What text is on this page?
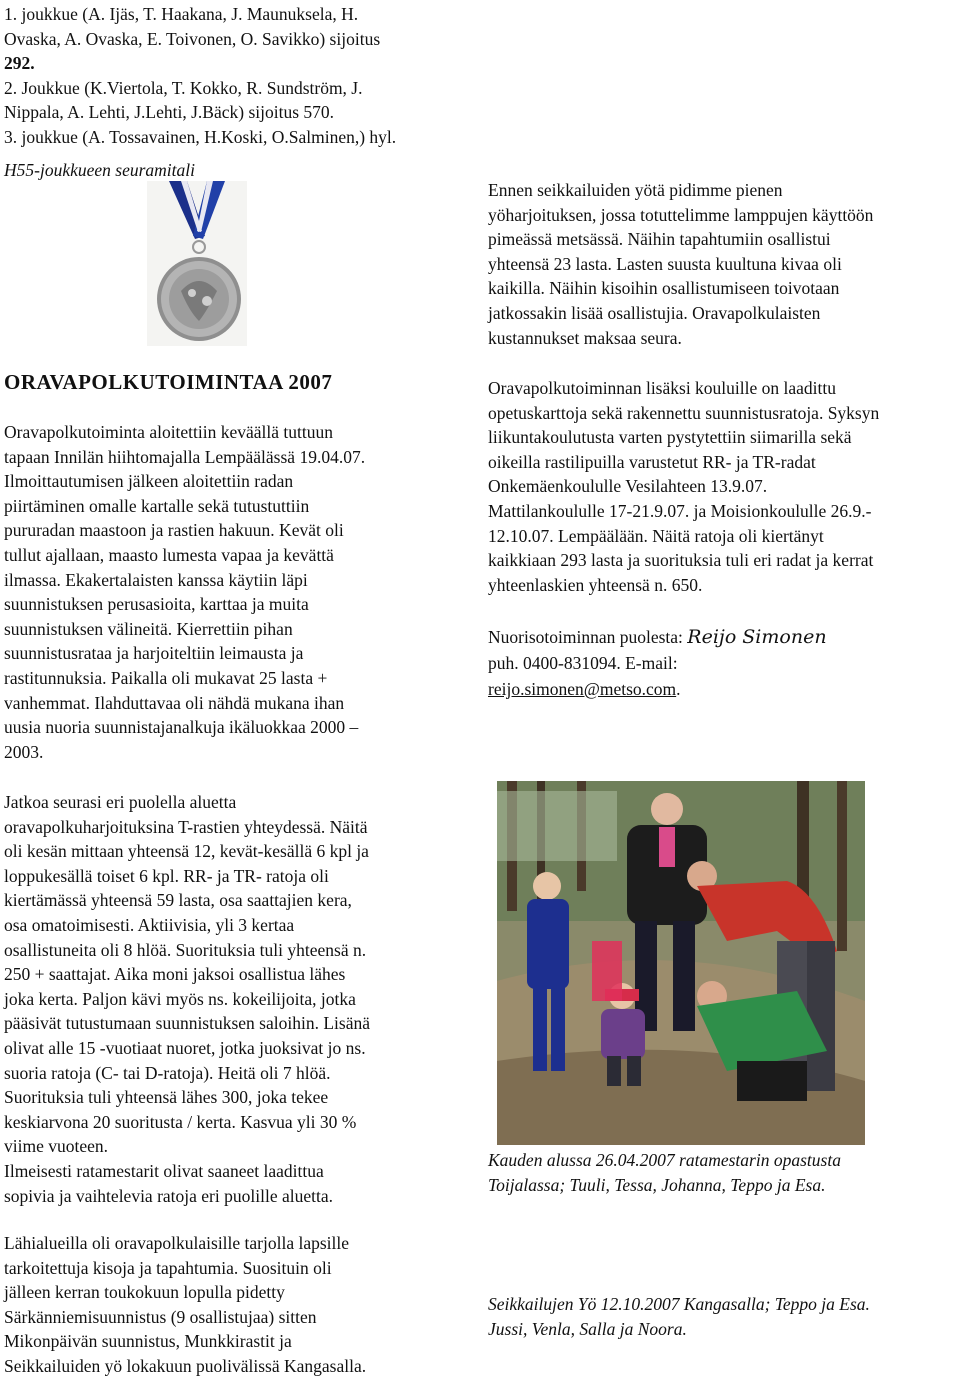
1. joukkue (A. Ijäs, T. Haakana, J. Maunuksela, H.

Ovaska, A. Ovaska, E. Toivonen, O. Savikko) sijoitus

292.

2. Joukkue (K.Viertola, T. Kokko, R. Sundström, J.

Nippala, A. Lehti, J.Lehti, J.Bäck) sijoitus 570.

3. joukkue (A. Tossavainen, H.Koski, O.Salminen,) hyl.

H55-joukkueen seuramitali
ORAVAPOLKUTOIMINTAA 2007

Oravapolkutoiminta aloitettiin keväällä tuttuun

tapaan Innilän hiihtomajalla Lempäälässä 19.04.07.

Ilmoittautumisen jälkeen aloitettiin radan

piirtäminen omalle kartalle sekä tutustuttiin

pururadan maastoon ja rastien hakuun. Kevät oli

tullut ajallaan, maasto lumesta vapaa ja kevättä

ilmassa. Ekakertalaisten kanssa käytiin läpi

suunnistuksen perusasioita, karttaa ja muita

suunnistuksen välineitä. Kierrettiin pihan

suunnistusrataa ja harjoiteltiin leimausta ja

rastitunnuksia. Paikalla oli mukavat 25 lasta +

vanhemmat. Ilahduttavaa oli nähdä mukana ihan

uusia nuoria suunnistajanalkuja ikäluokkaa 2000 –

2003.

Jatkoa seurasi eri puolella aluetta

oravapolkuharjoituksina T-rastien yhteydessä. Näitä

oli kesän mittaan yhteensä 12, kevät-kesällä 6 kpl ja

loppukesällä toiset 6 kpl. RR- ja TR- ratoja oli

kiertämässä yhteensä 59 lasta, osa saattajien kera,

osa omatoimisesti. Aktiivisia, yli 3 kertaa

osallistuneita oli 8 hlöä. Suorituksia tuli yhteensä n.

250 + saattajat. Aika moni jaksoi osallistua lähes

joka kerta. Paljon kävi myös ns. kokeilijoita, jotka

pääsivät tutustumaan suunnistuksen saloihin. Lisänä

olivat alle 15 -vuotiaat nuoret, jotka juoksivat jo ns.

suoria ratoja (C- tai D-ratoja). Heitä oli 7 hlöä.

Suorituksia tuli yhteensä lähes 300, joka tekee

keskiarvona 20 suoritusta / kerta. Kasvua yli 30 %

viime vuoteen.

Ilmeisesti ratamestarit olivat saaneet laadittua

sopivia ja vaihtelevia ratoja eri puolille aluetta.

Lähialueilla oli oravapolkulaisille tarjolla lapsille

tarkoitettuja kisoja ja tapahtumia. Suosituin oli

jälleen kerran toukokuun lopulla pidetty

Särkänniemisuunnistus (9 osallistujaa) sitten

Mikonpäivän suunnistus, Munkkirastit ja

Seikkailuiden yö lokakuun puolivälissä Kangasalla.

Ennen seikkailuiden yötä pidimme pienen

yöharjoituksen, jossa totuttelimme lamppujen käyttöön

pimeässä metsässä. Näihin tapahtumiin osallistui

yhteensä 23 lasta. Lasten suusta kuultuna kivaa oli

kaikilla. Näihin kisoihin osallistumiseen toivotaan

jatkossakin lisää osallistujia. Oravapolkulaisten

kustannukset maksaa seura.

Oravapolkutoiminnan lisäksi kouluille on laadittu

opetuskarttoja sekä rakennettu suunnistusratoja. Syksyn

liikuntakoulutusta varten pystytettiin siimarilla sekä

oikeilla rastilipuilla varustetut RR- ja TR-radat

Onkemäenkoululle Vesilahteen 13.9.07.

Mattilankoululle 17-21.9.07. ja Moisionkoululle 26.9.-

12.10.07. Lempäälään. Näitä ratoja oli kiertänyt

kaikkiaan 293 lasta ja suorituksia tuli eri radat ja kerrat

yhteenlaskien yhteensä n. 650.

Nuorisotoiminnan puolesta: Reijo Simonen

puh. 0400-831094. E-mail:

reijo.simonen@metso.com.

Kauden alussa 26.04.2007 ratamestarin opastusta

Toijalassa; Tuuli, Tessa, Johanna, Teppo ja Esa.

Seikkailujen Yö 12.10.2007 Kangasalla; Teppo ja Esa.

Jussi, Venla, Salla ja Noora.
